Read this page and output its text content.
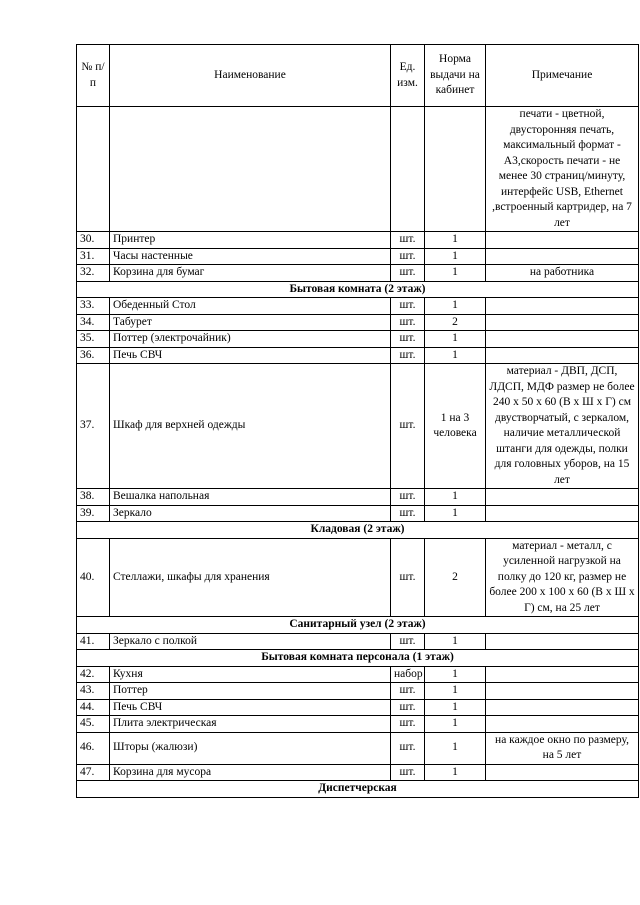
№ п/п	Наименование	Ед. изм.	Норма выдачи на кабинет	Примечание
				печати - цветной, двусторонняя печать, максимальный формат - А3,скорость печати - не менее 30 страниц/минуту, интерфейс USB, Ethernet ,встроенный картридер, на 7 лет
30.	Принтер	шт.	1	
31.	Часы настенные	шт.	1	
32.	Корзина для бумаг	шт.	1	на работника
Бытовая комната (2 этаж)				
33.	Обеденный Стол	шт.	1	
34.	Табурет	шт.	2	
35.	Поттер (электрочайник)	шт.	1	
36.	Печь СВЧ	шт.	1	
37.	Шкаф для верхней одежды	шт.	1 на 3 человека	материал - ДВП, ДСП, ЛДСП, МДФ размер не более 240 х 50 х 60 (В х Ш х Г) см двустворчатый, с зеркалом, наличие металлической штанги для одежды, полки для головных уборов, на 15 лет
38.	Вешалка напольная	шт.	1	
39.	Зеркало	шт.	1	
Кладовая (2 этаж)				
40.	Стеллажи, шкафы для хранения	шт.	2	материал - металл, с усиленной нагрузкой на полку до 120 кг, размер не более 200 х 100 х 60 (В х Ш х Г) см, на 25 лет
Санитарный узел (2 этаж)				
41.	Зеркало с полкой	шт.	1	
Бытовая комната персонала (1 этаж)				
42.	Кухня	набор	1	
43.	Поттер	шт.	1	
44.	Печь СВЧ	шт.	1	
45.	Плита электрическая	шт.	1	
46.	Шторы (жалюзи)	шт.	1	на каждое окно по размеру, на 5 лет
47.	Корзина для мусора	шт.	1	
Диспетчерская				
